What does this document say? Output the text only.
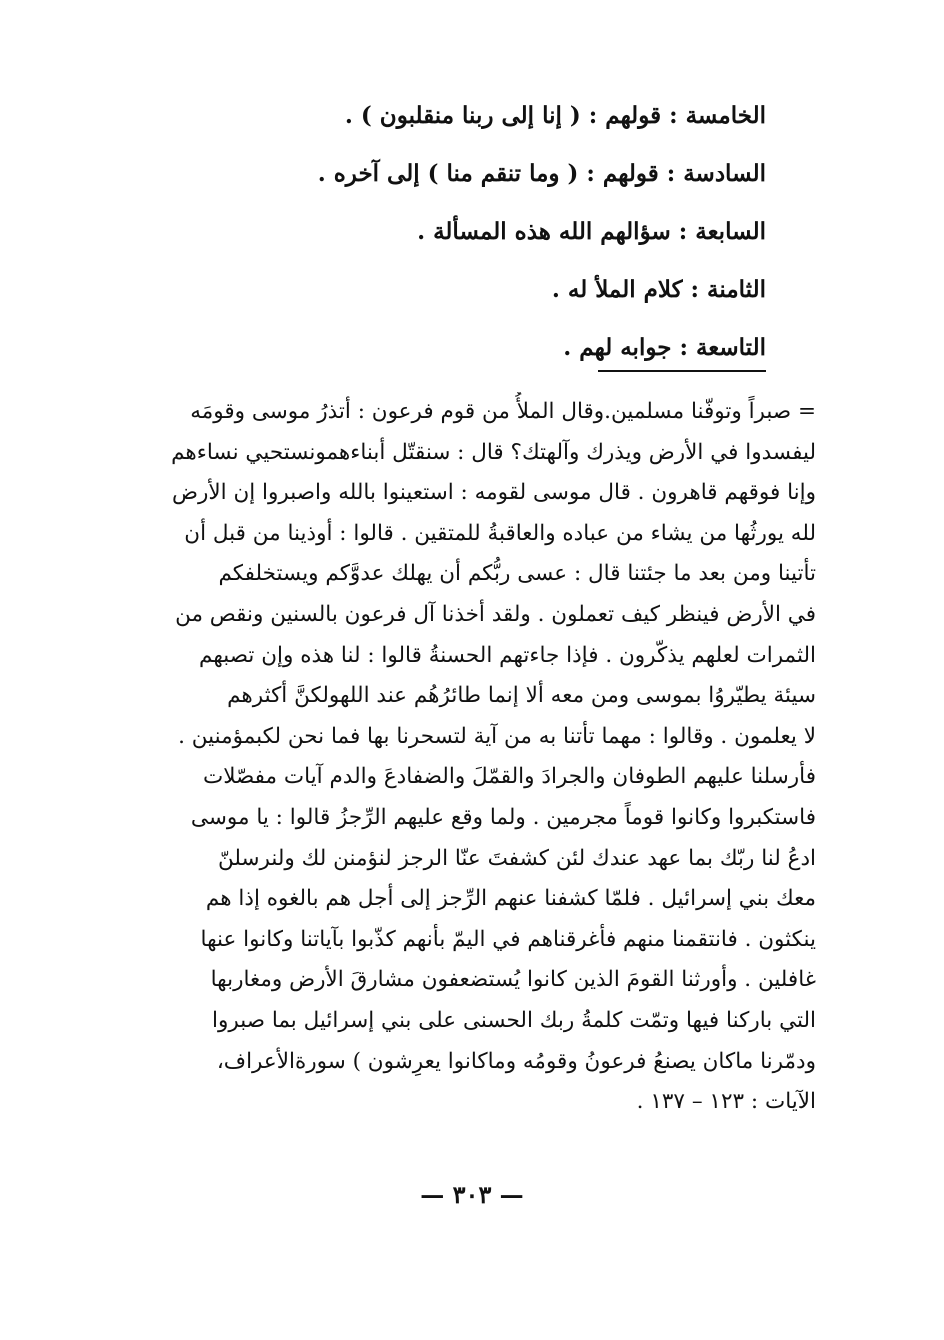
الخامسة : قولهم : ( إنا إلى ربنا منقلبون ) .
السادسة : قولهم : ( وما تنقم منا ) إلى آخره .
السابعة : سؤالهم الله هذه المسألة .
الثامنة : كلام الملأ له .
التاسعة : جوابه لهم .
= صبراً وتوفّنا مسلمين.وقال الملأُ من قوم فرعون : أتذرُ موسى وقومَه
ليفسدوا في الأرض ويذرك وآلهتك؟ قال : سنقتّل أبناءهمونستحيي نساءهم
وإنا فوقهم قاهرون . قال موسى لقومه : استعينوا بالله واصبروا إن الأرض
لله يورثُها من يشاء من عباده والعاقبةُ للمتقين . قالوا : أوذينا من قبل أن
تأتينا ومن بعد ما جئتنا قال : عسى ربُّكم أن يهلك عدوَّكم ويستخلفكم
في الأرض فينظر كيف تعملون . ولقد أخذنا آل فرعون بالسنين ونقص من
الثمرات لعلهم يذكّرون . فإذا جاءتهم الحسنةُ قالوا : لنا هذه وإن تصبهم
سيئة يطيّروُا بموسى ومن معه ألا إنما طائرُهُم عند اللهولكنَّ أكثرهم
لا يعلمون . وقالوا : مهما تأتنا به من آية لتسحرنا بها فما نحن لكبمؤمنين .
فأرسلنا عليهم الطوفان والجرادَ والقمّلَ والضفادعَ والدم آيات مفصّلات
فاستكبروا وكانوا قوماً مجرمين . ولما وقع عليهم الرِّجزُ قالوا : يا موسى
ادعُ لنا ربّك بما عهد عندك لئن كشفتَ عنّا الرجز لنؤمنن لك ولنرسلنّ
معك بني إسرائيل . فلمّا كشفنا عنهم الرِّجز إلى أجل هم بالغوه إذا هم
ينكثون . فانتقمنا منهم فأغرقناهم في اليمّ بأنهم كذّبوا بآياتنا وكانوا عنها
غافلين . وأورثنا القومَ الذين كانوا يُستضعفون مشارقَ الأرض ومغاربها
التي باركنا فيها وتمّت كلمةُ ربك الحسنى على بني إسرائيل بما صبروا
ودمّرنا ماكان يصنعُ فرعونُ وقومُه وماكانوا يعرِشون ) سورةالأعراف،
الآيات : ١٢٣ – ١٣٧ .
— ٣٠٣ —
